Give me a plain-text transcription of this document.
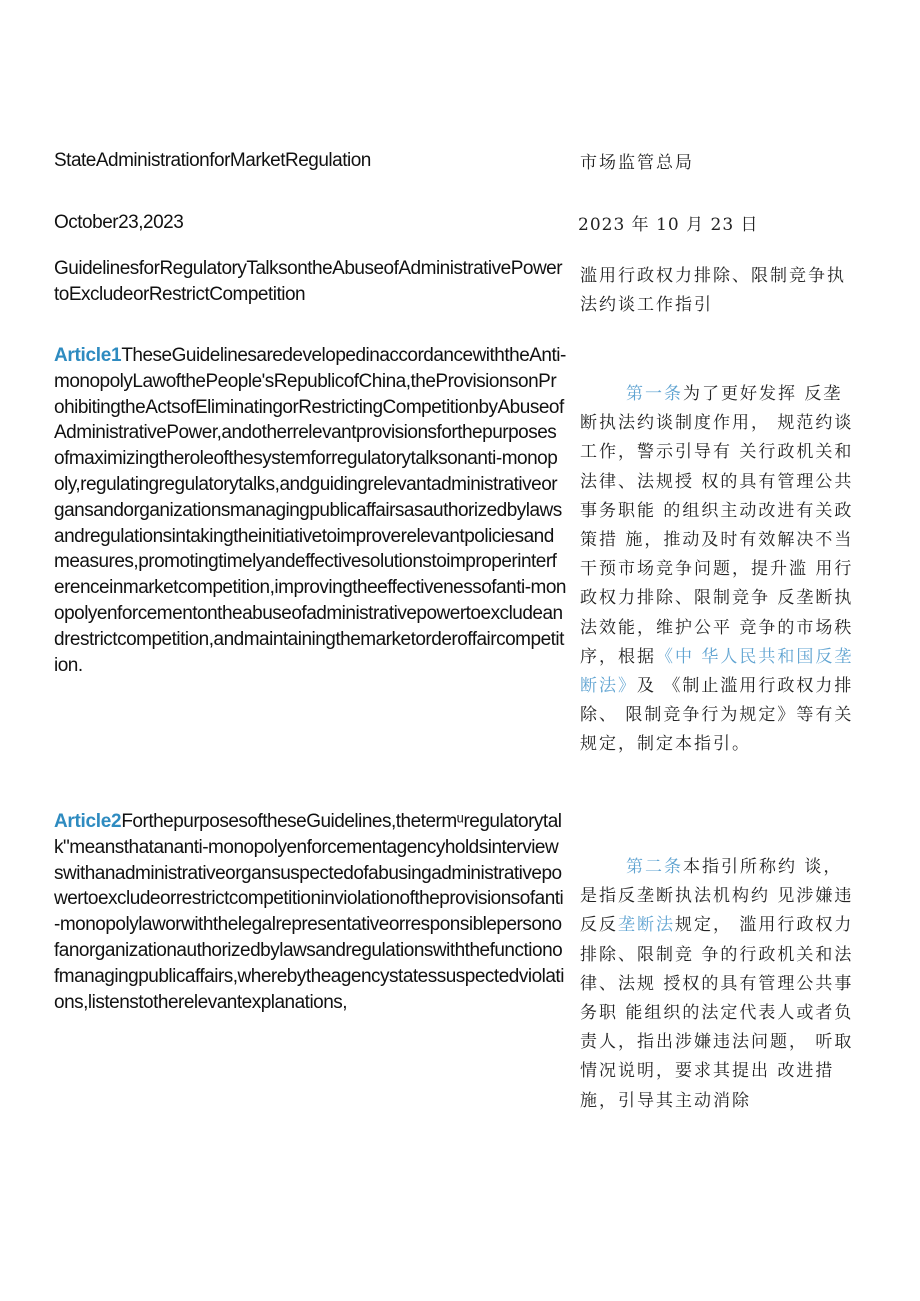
StateAdministrationforMarketRegulation

October23,2023

GuidelinesforRegulatoryTalksontheAbuseofAdministrativePowertoExcludeorRestrictCompetition

Article1TheseGuidelinesaredevelopedinaccordancewiththeAnti-monopolyLawofthePeople'sRepublicofChina,theProvisionsonProhibitingtheActsofEliminatingorRestrictingCompetitionbyAbuseofAdministrativePower,andotherrelevantprovisionsforthepurposesofmaximizingtheroleofthesystemforregulatorytalksonanti-monopoly,regulatingregulatorytalks,andguidingrelevantadministrativeorgansandorganizationsmanagingpublicaffairsasauthorizedbylawsandregulationsintakingtheinitiativetoimproverelevantpoliciesandmeasures,promotingtimelyandeffectivesolutionstoimproperinterferenceinmarketcompetition,improvingtheeffectivenessofanti-monopolyenforcementontheabuseofadministrativepowertoexcludeandrestrictcompetition,andmaintainingthemarketorderoffaircompetition.

Article2ForthepurposesoftheseGuidelines,thetermᵘregulatorytalk"meansthatananti-monopolyenforcementagencyholdsinterviewswithanadministrativeorgansuspectedofabusingadministrativepowertoexcludeorrestrictcompetitioninviolationoftheprovisionsofanti-monopolylaworwiththelegalrepresentativeorresponsiblepersonofanorganizationauthorizedbylawsandregulationswiththefunctionofmanagingpublicaffairs,wherebytheagencystatessuspectedviolations,listenstotherelevantexplanations,

市场监管总局

2023 年 10 月 23 日

滥用行政权力排除、限制竞争执法约谈工作指引

第一条为了更好发挥 反垄断执法约谈制度作用， 规范约谈工作，警示引导有 关行政机关和法律、法规授 权的具有管理公共事务职能 的组织主动改进有关政策措 施，推动及时有效解决不当 干预市场竞争问题，提升滥 用行政权力排除、限制竞争 反垄断执法效能，维护公平 竞争的市场秩序，根据《中 华人民共和国反垄断法》及 《制止滥用行政权力排除、 限制竞争行为规定》等有关 规定，制定本指引。

第二条本指引所称约 谈，是指反垄断执法机构约 见涉嫌违反反垄断法规定， 滥用行政权力排除、限制竞 争的行政机关和法律、法规 授权的具有管理公共事务职 能组织的法定代表人或者负 责人，指出涉嫌违法问题， 听取情况说明，要求其提出 改进措施，引导其主动消除
